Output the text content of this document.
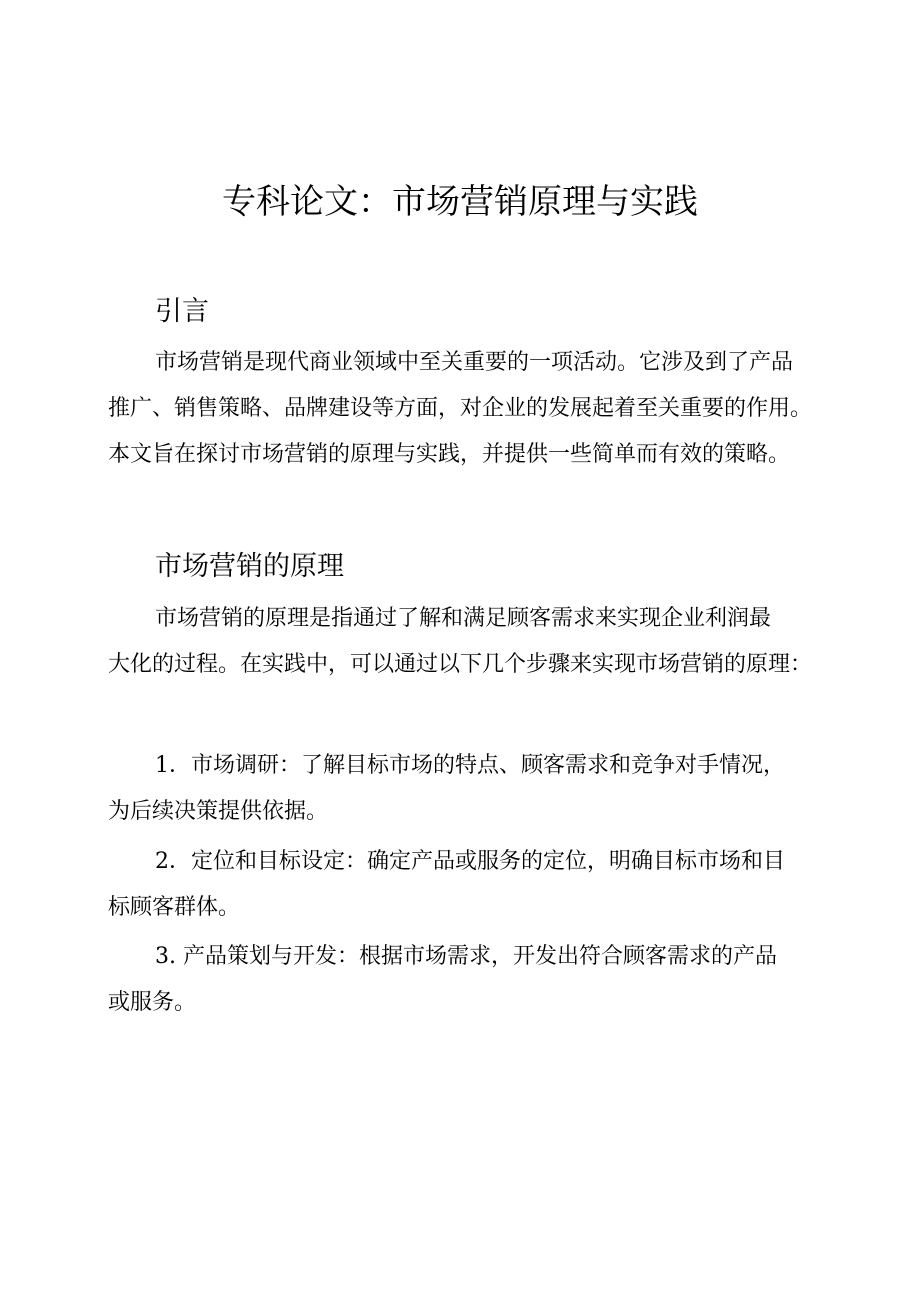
专科论文：市场营销原理与实践
引言
市场营销是现代商业领域中至关重要的一项活动。它涉及到了产品
推广、销售策略、品牌建设等方面，对企业的发展起着至关重要的作用。
本文旨在探讨市场营销的原理与实践，并提供一些简单而有效的策略。
市场营销的原理
市场营销的原理是指通过了解和满足顾客需求来实现企业利润最
大化的过程。在实践中，可以通过以下几个步骤来实现市场营销的原理：
1．市场调研：了解目标市场的特点、顾客需求和竞争对手情况，
为后续决策提供依据。
2．定位和目标设定：确定产品或服务的定位，明确目标市场和目
标顾客群体。
3. 产品策划与开发：根据市场需求，开发出符合顾客需求的产品
或服务。
